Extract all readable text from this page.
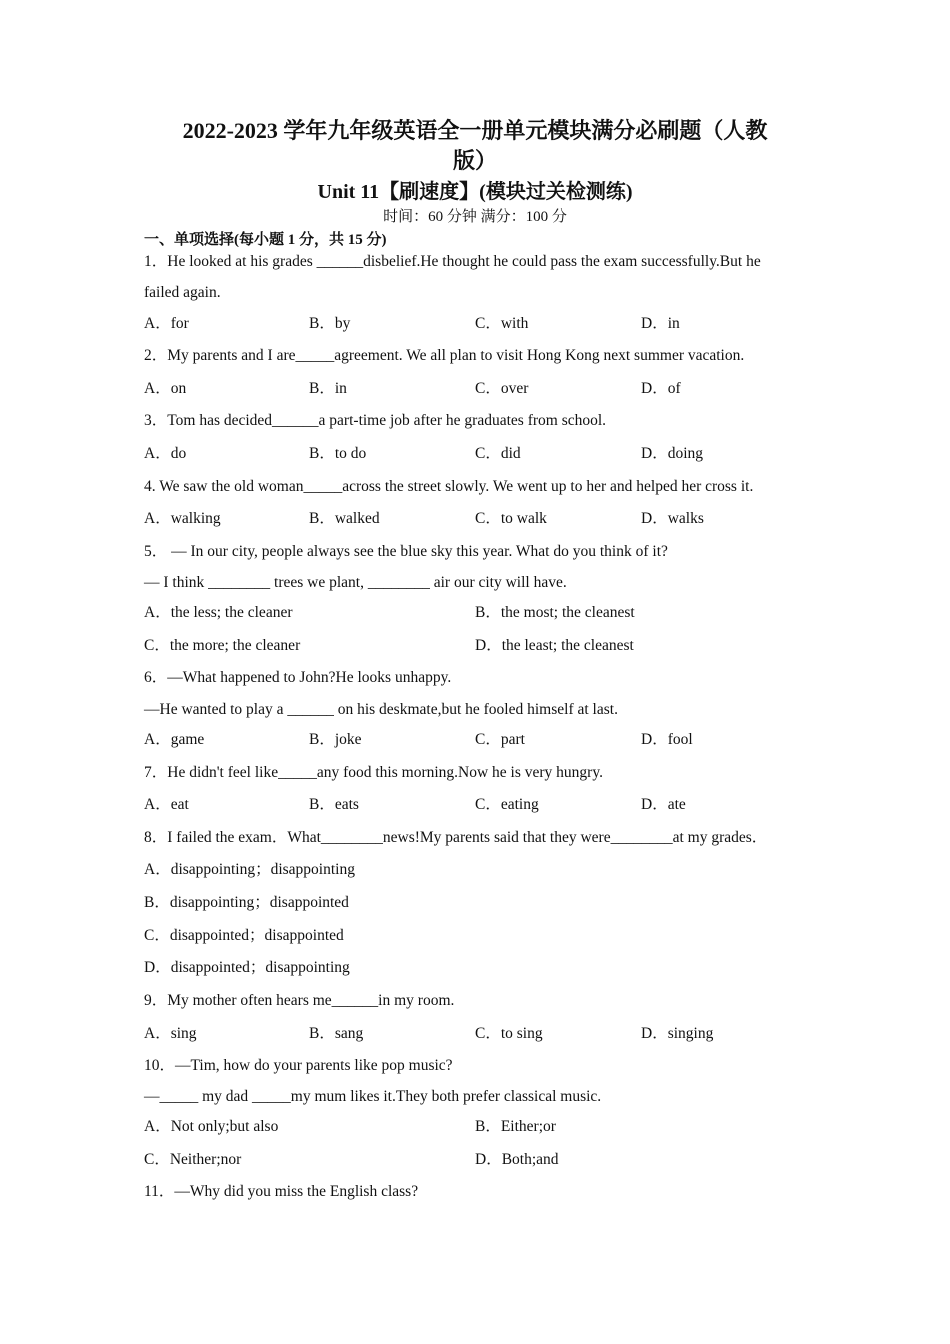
2022-2023 学年九年级英语全一册单元模块满分必刷题（人教
版）
Unit 11【刷速度】(模块过关检测练)
时间：60 分钟 满分：100 分
一、单项选择(每小题 1 分，共 15 分)
1．He looked at his grades ______disbelief.He thought he could pass the exam successfully.But he
failed again.
A．for	B．by	C．with	D．in
2．My parents and I are_____agreement. We all plan to visit Hong Kong next summer vacation.
A．on	B．in	C．over	D．of
3．Tom has decided______a part-time job after he graduates from school.
A．do	B．to do	C．did	D．doing
4. We saw the old woman_____across the street slowly. We went up to her and helped her cross it.
A．walking	B．walked	C．to walk	D．walks
5． — In our city, people always see the blue sky this year. What do you think of it?
— I think ________ trees we plant, ________ air our city will have.
A．the less; the cleaner	B．the most; the cleanest
C．the more; the cleaner	D．the least; the cleanest
6．—What happened to John?He looks unhappy.
—He wanted to play a ______ on his deskmate,but he fooled himself at last.
A．game	B．joke	C．part	D．fool
7．He didn't feel like_____any food this morning.Now he is very hungry.
A．eat	B．eats	C．eating	D．ate
8．I failed the exam．What________news!My parents said that they were________at my grades．
A．disappointing；disappointing
B．disappointing；disappointed
C．disappointed；disappointed
D．disappointed；disappointing
9．My mother often hears me______in my room.
A．sing	B．sang	C．to sing	D．singing
10．—Tim, how do your parents like pop music?
—_____ my dad _____my mum likes it.They both prefer classical music.
A．Not only;but also	B．Either;or
C．Neither;nor	D．Both;and
11．—Why did you miss the English class?
